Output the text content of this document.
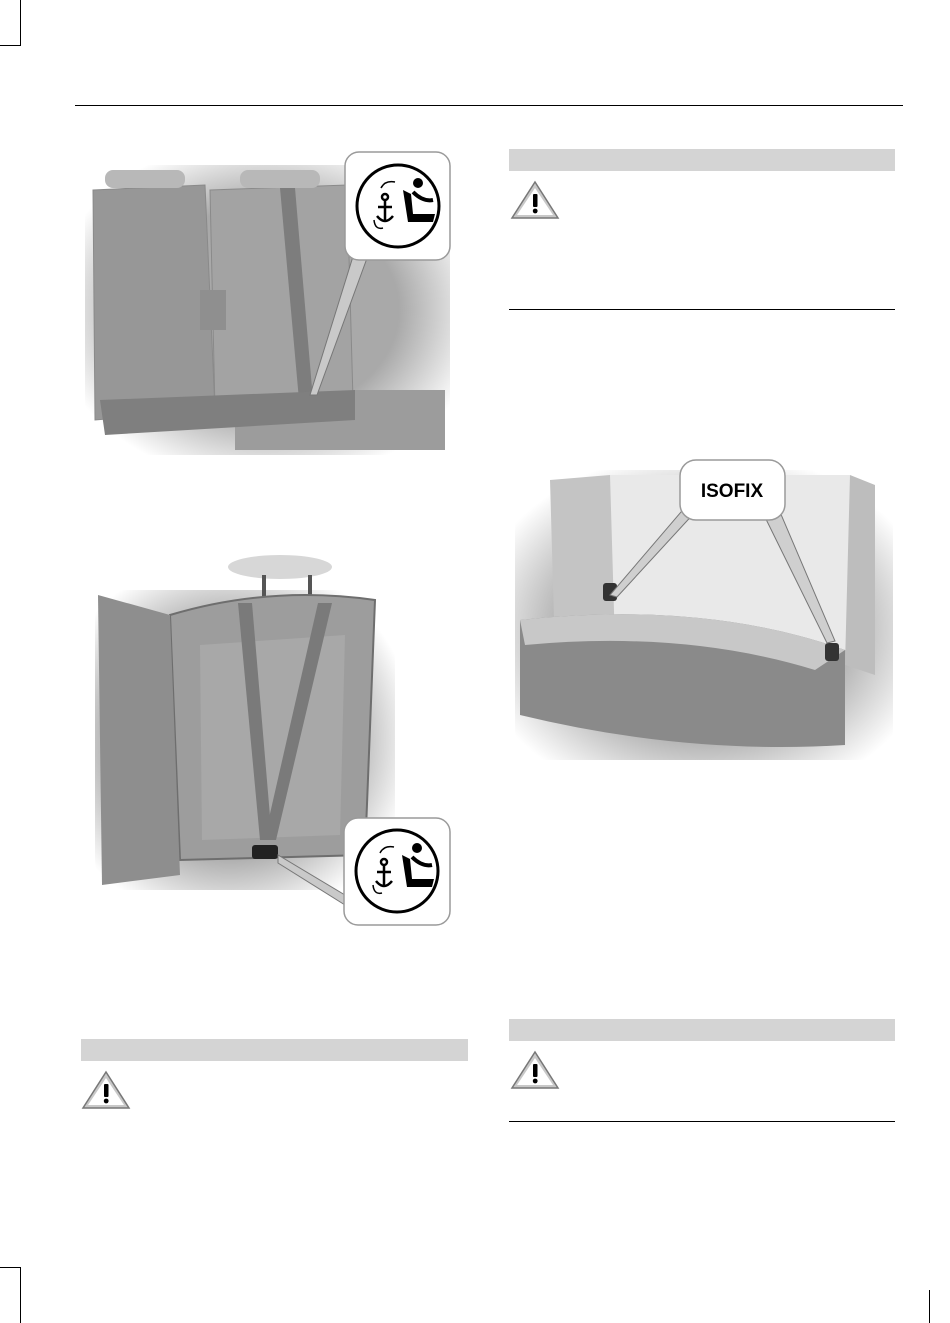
ISOFIX
